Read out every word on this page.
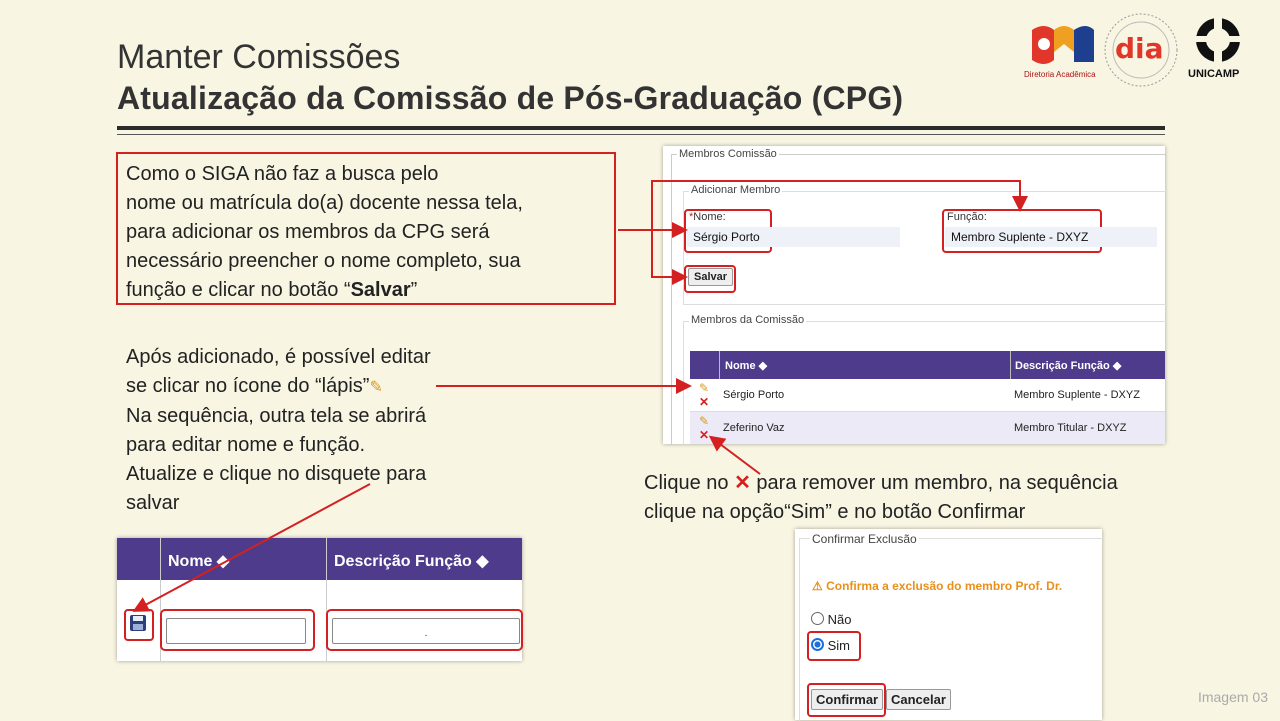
Manter Comissões
Atualização da Comissão de Pós-Graduação (CPG)
Diretoria Acadêmica
dia
UNICAMP
Como o SIGA não faz a busca pelo
nome ou matrícula do(a) docente nessa tela,
para adicionar os membros da CPG será
necessário preencher o nome completo, sua
função e clicar no botão “Salvar”
Após adicionado, é possível editar
se clicar no ícone do “lápis”✎
Na sequência, outra tela se abrirá
para editar nome e função.
Atualize e clique no disquete para
salvar
Clique no ✕ para remover um membro, na sequência
clique na opção“Sim” e no botão Confirmar
Membros Comissão
Adicionar Membro
*Nome:
Sérgio Porto
Função:
Membro Suplente - DXYZ
Salvar
Membros da Comissão
Nome ◆	Descrição Função ◆
✎
✕ Sérgio Porto	Membro Suplente - DXYZ
✎
✕ Zeferino Vaz	Membro Titular - DXYZ
Nome ◆	Descrição Função ◆
.
Confirmar Exclusão
⚠ Confirma a exclusão do membro Prof. Dr.
Não
Sim
Confirmar Cancelar	Imagem 03
